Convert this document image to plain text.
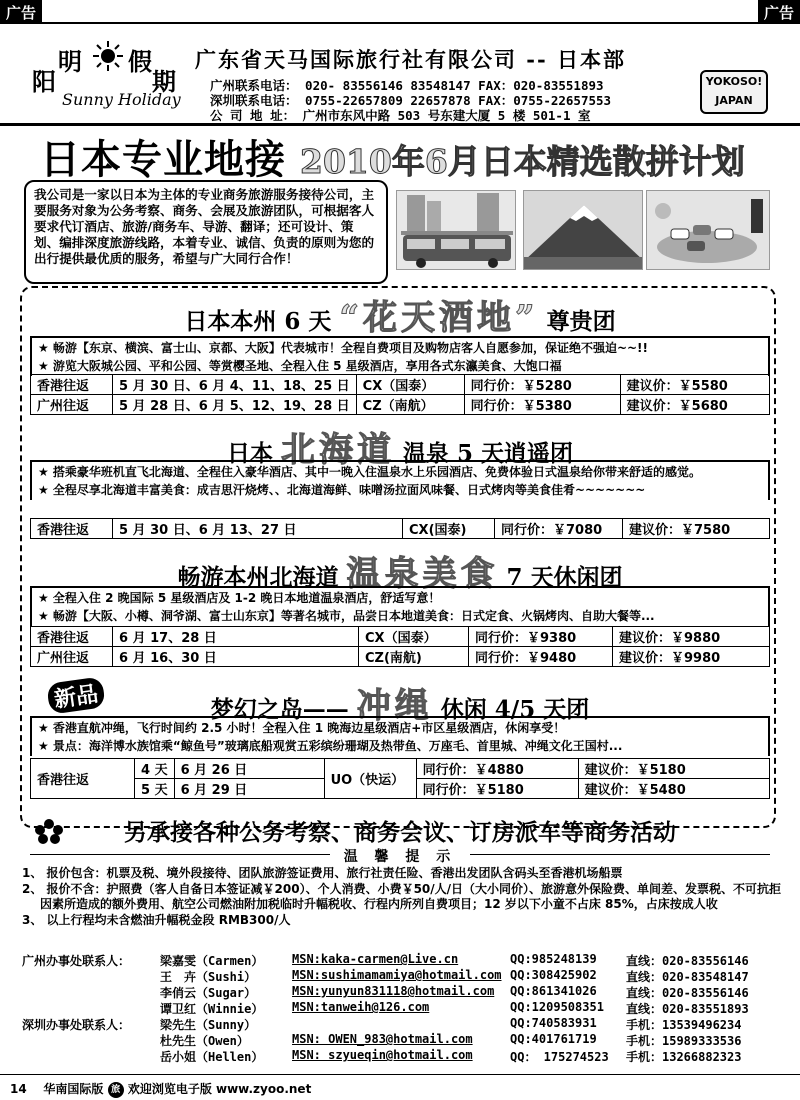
广告	广告
阳
明 假
期
Sunny Holiday
广东省天马国际旅行社有限公司 -- 日本部
广州联系电话： 020- 83556146 83548147 FAX：020-83551893
深圳联系电话： 0755-22657809 22657878 FAX：0755-22657553
公 司 地 址： 广州市东风中路 503 号东建大厦 5 楼 501-1 室
YOKOSO!
JAPAN
日本专业地接 2010年6月日本精选散拼计划
我公司是一家以日本为主体的专业商务旅游服务接待公司，主要服务对象为公务考察、商务、会展及旅游团队，可根据客人要求代订酒店、旅游/商务车、导游、翻译；还可设计、策划、编排深度旅游线路，本着专业、诚信、负责的原则为您的出行提供最优质的服务，希望与广大同行合作！
日本本州 6 天 “花天酒地” 尊贵团
★ 畅游【东京、横滨、富士山、京都、大阪】代表城市！全程自费项目及购物店客人自愿参加，保证绝不强迫~~!!
★ 游览大阪城公园、平和公园、等赏樱圣地、全程入住 5 星级酒店，享用各式东瀛美食、大饱口福
香港往返	5 月 30 日、6 月 4、11、18、25 日	CX（国泰）	同行价：￥5280	建议价：￥5580
广州往返	5 月 28 日、6 月 5、12、19、28 日	CZ（南航）	同行价：￥5380	建议价：￥5680
日本 北海道 温泉 5 天逍遥团
★ 搭乘豪华班机直飞北海道、全程住入豪华酒店、其中一晚入住温泉水上乐园酒店、免费体验日式温泉给你带来舒适的感觉。
★ 全程尽享北海道丰富美食：成吉思汗烧烤、、北海道海鲜、味噌汤拉面风味餐、日式烤肉等美食佳肴~~~~~~~
香港往返	5 月 30 日、6 月 13、27 日	CX(国泰)	同行价：￥7080	建议价：￥7580
畅游本州北海道 温泉美食 7 天休闲团
★ 全程入住 2 晚国际 5 星级酒店及 1-2 晚日本地道温泉酒店，舒适写意！
★ 畅游【大阪、小樽、洞爷湖、富士山东京】等著名城市，品尝日本地道美食：日式定食、火锅烤肉、自助大餐等...
香港往返	6 月 17、28 日	CX（国泰）	同行价：￥9380	建议价：￥9880
广州往返	6 月 16、30 日	CZ(南航)	同行价：￥9480	建议价：￥9980
新品	梦幻之岛—— 冲绳 休闲 4/5 天团
★ 香港直航冲绳，飞行时间约 2.5 小时！全程入住 1 晚海边星级酒店+市区星级酒店，休闲享受！
★ 景点：海洋博水族馆乘“鲸鱼号”玻璃底船观赏五彩缤纷珊瑚及热带鱼、万座毛、首里城、冲绳文化王国村...
香港往返	4 天	6 月 26 日	UO（快运）	同行价：￥4880	建议价：￥5180
	5 天	6 月 29 日		同行价：￥5180	建议价：￥5480
另承接各种公务考察、商务会议、订房派车等商务活动
温 馨 提 示
1、 报价包含：机票及税、境外段接待、团队旅游签证费用、旅行社责任险、香港出发团队含码头至香港机场船票
2、 报价不含：护照费（客人自备日本签证减￥200）、个人消费、小费￥50/人/日（大小同价）、旅游意外保险费、单间差、发票税、不可抗拒因素所造成的额外费用、航空公司燃油附加税临时升幅税收、行程内所列自费项目；12 岁以下小童不占床 85%，占床按成人收
3、 以上行程均未含燃油升幅税金段 RMB300/人
广州办事处联系人：
深圳办事处联系人：
梁嘉雯（Carmen） MSN:kaka-carmen@Live.cn	QQ:985248139 直线：020-83556146
王　卉（Sushi）	MSN:sushimamamiya@hotmail.com QQ:308425902 直线：020-83548147
李俏云（Sugar）	MSN:yunyun831118@hotmail.com QQ:861341026 直线：020-83556146
谭卫红（Winnie） MSN:tanweih@126.com	QQ:1209508351 直线：020-83551893
梁先生（Sunny）	QQ:740583931 手机：13539496234
杜先生（Owen）	MSN: OWEN_983@hotmail.com	QQ:401761719 手机：15989333536
岳小姐（Hellen） MSN: szyueqin@hotmail.com	QQ： 175274523 手机：13266882323
14 华南国际版 旅 欢迎浏览电子版 www.zyoo.net
